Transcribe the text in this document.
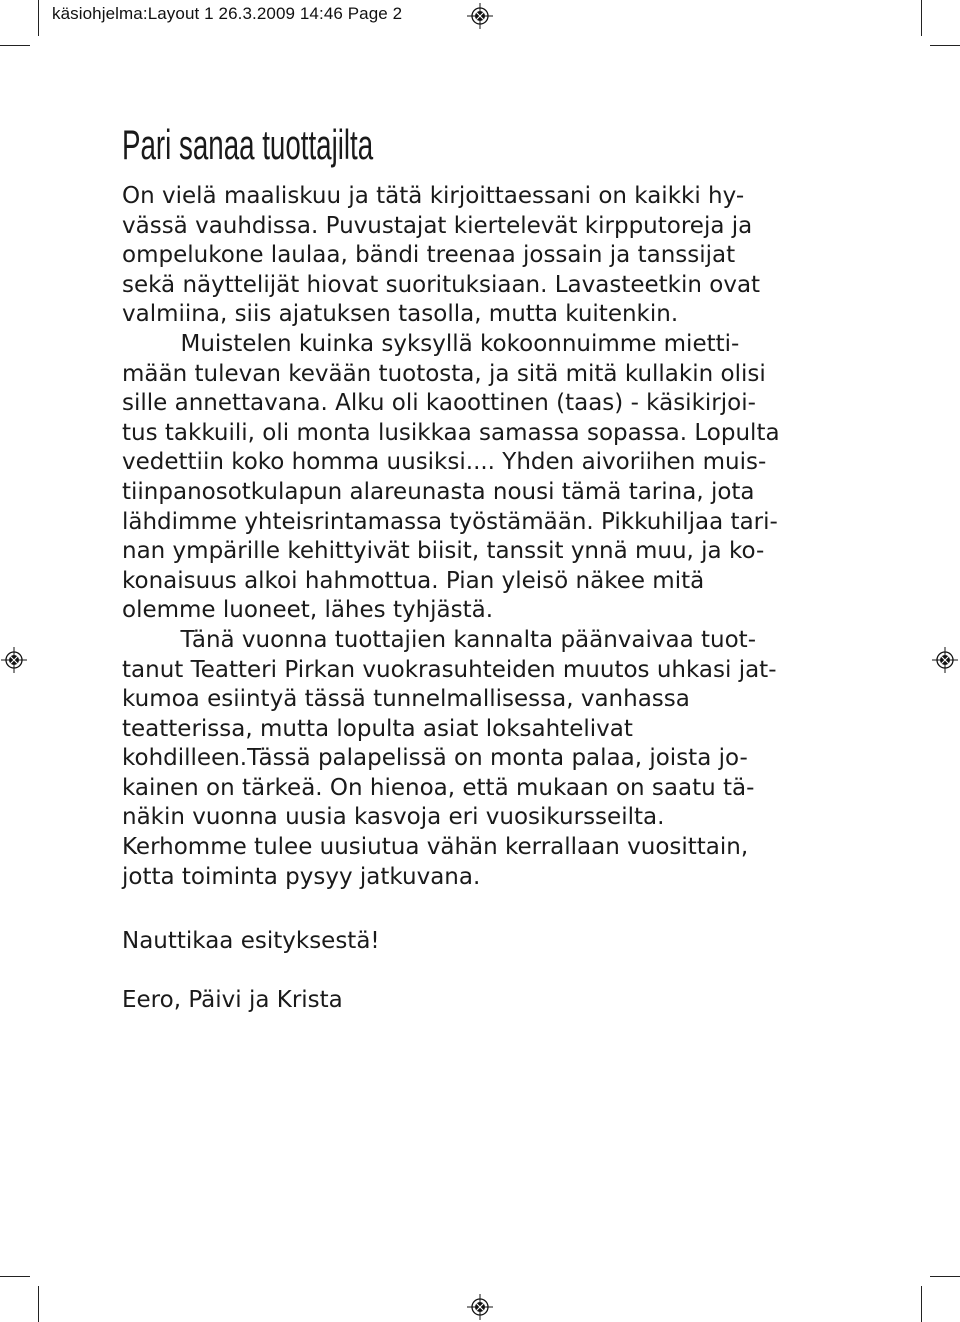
käsiohjelma:Layout 1 26.3.2009 14:46 Page 2
Pari sanaa tuottajilta
On vielä maaliskuu ja tätä kirjoittaessani on kaikki hy-
vässä vauhdissa. Puvustajat kiertelevät kirpputoreja ja
ompelukone laulaa, bändi treenaa jossain ja tanssijat
sekä näyttelijät hiovat suorituksiaan. Lavasteetkin ovat
valmiina, siis ajatuksen tasolla, mutta kuitenkin.
Muistelen kuinka syksyllä kokoonnuimme mietti-
mään tulevan kevään tuotosta, ja sitä mitä kullakin olisi
sille annettavana. Alku oli kaoottinen (taas) - käsikirjoi-
tus takkuili, oli monta lusikkaa samassa sopassa. Lopulta
vedettiin koko homma uusiksi.... Yhden aivoriihen muis-
tiinpanosotkulapun alareunasta nousi tämä tarina, jota
lähdimme yhteisrintamassa työstämään. Pikkuhiljaa tari-
nan ympärille kehittyivät biisit, tanssit ynnä muu, ja ko-
konaisuus alkoi hahmottua. Pian yleisö näkee mitä
olemme luoneet, lähes tyhjästä.
Tänä vuonna tuottajien kannalta päänvaivaa tuot-
tanut Teatteri Pirkan vuokrasuhteiden muutos uhkasi jat-
kumoa esiintyä tässä tunnelmallisessa, vanhassa
teatterissa, mutta lopulta asiat loksahtelivat
kohdilleen.Tässä palapelissä on monta palaa, joista jo-
kainen on tärkeä. On hienoa, että mukaan on saatu tä-
näkin vuonna uusia kasvoja eri vuosikursseilta.
Kerhomme tulee uusiutua vähän kerrallaan vuosittain,
jotta toiminta pysyy jatkuvana.
Nauttikaa esityksestä!
Eero, Päivi ja Krista
